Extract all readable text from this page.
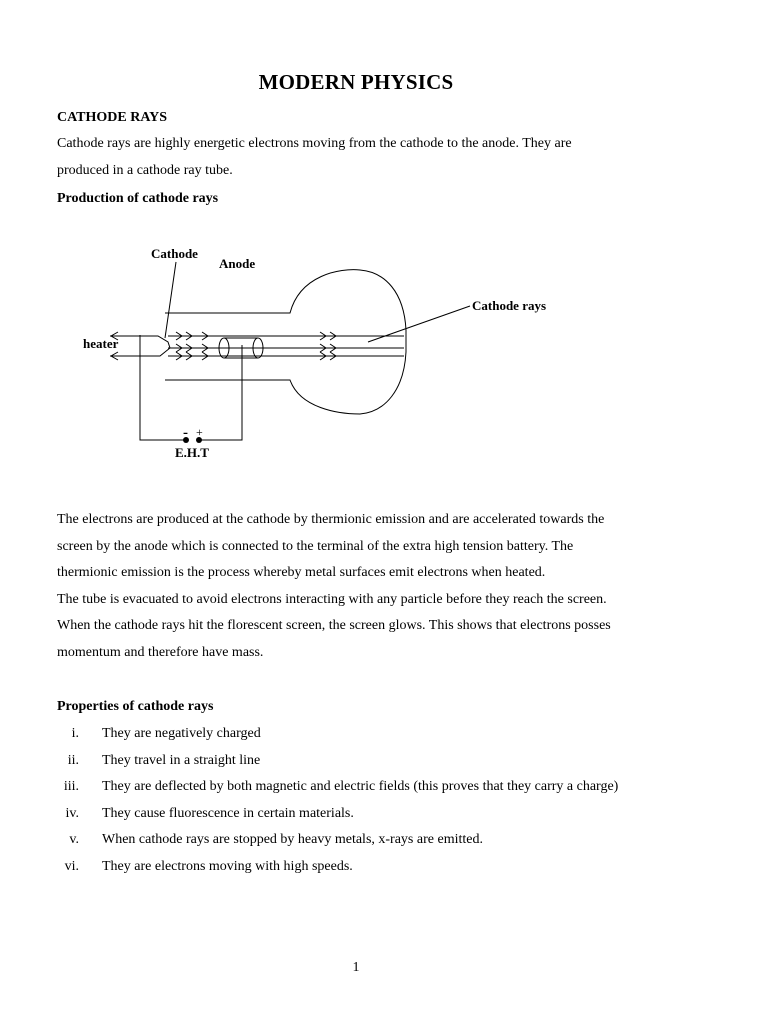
MODERN PHYSICS
CATHODE RAYS

Cathode rays are highly energetic electrons moving from the cathode to the anode. They are
produced in a cathode ray tube.

Production of cathode rays
Cathode
Anode
Cathode rays
heater
- +
E.H.T

The electrons are produced at the cathode by thermionic emission and are accelerated towards the
screen by the anode which is connected to the terminal of the extra high tension battery. The
thermionic emission is the process whereby metal surfaces emit electrons when heated.
The tube is evacuated to avoid electrons interacting with any particle before they reach the screen.
When the cathode rays hit the florescent screen, the screen glows. This shows that electrons posses
momentum and therefore have mass.

Properties of cathode rays
i. They are negatively charged
ii. They travel in a straight line
iii. They are deflected by both magnetic and electric fields (this proves that they carry a charge)
iv. They cause fluorescence in certain materials.
v. When cathode rays are stopped by heavy metals, x-rays are emitted.
vi. They are electrons moving with high speeds.
1
